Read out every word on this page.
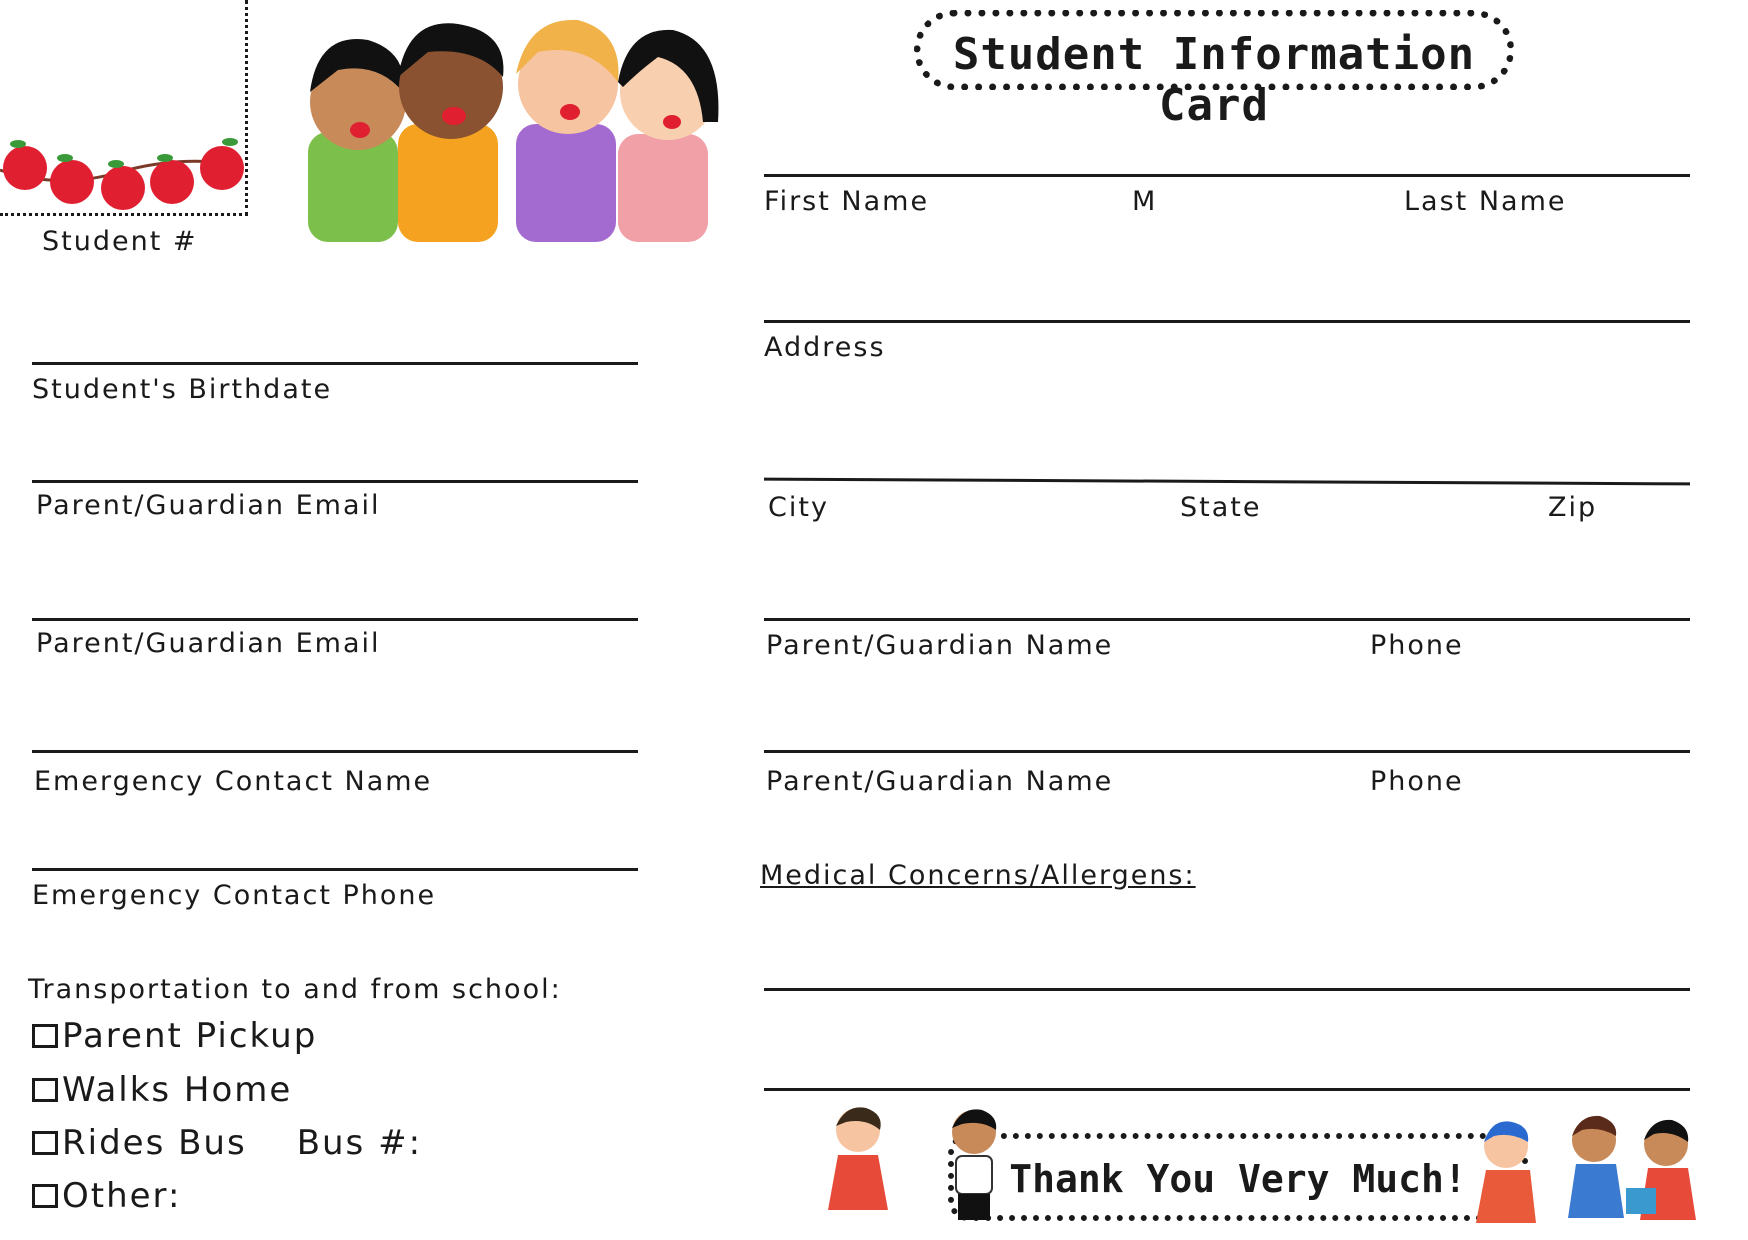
Student #
Student Information Card
Student's Birthdate
Parent/Guardian Email
Parent/Guardian Email
Emergency Contact Name
Emergency Contact Phone
Transportation to and from school:
Parent Pickup
Walks Home
Rides Bus Bus #:
Other:
First Name	M	Last Name
Address
City	State	Zip
Parent/Guardian Name	Phone
Parent/Guardian Name	Phone
Medical Concerns/Allergens:
Thank You Very Much!
